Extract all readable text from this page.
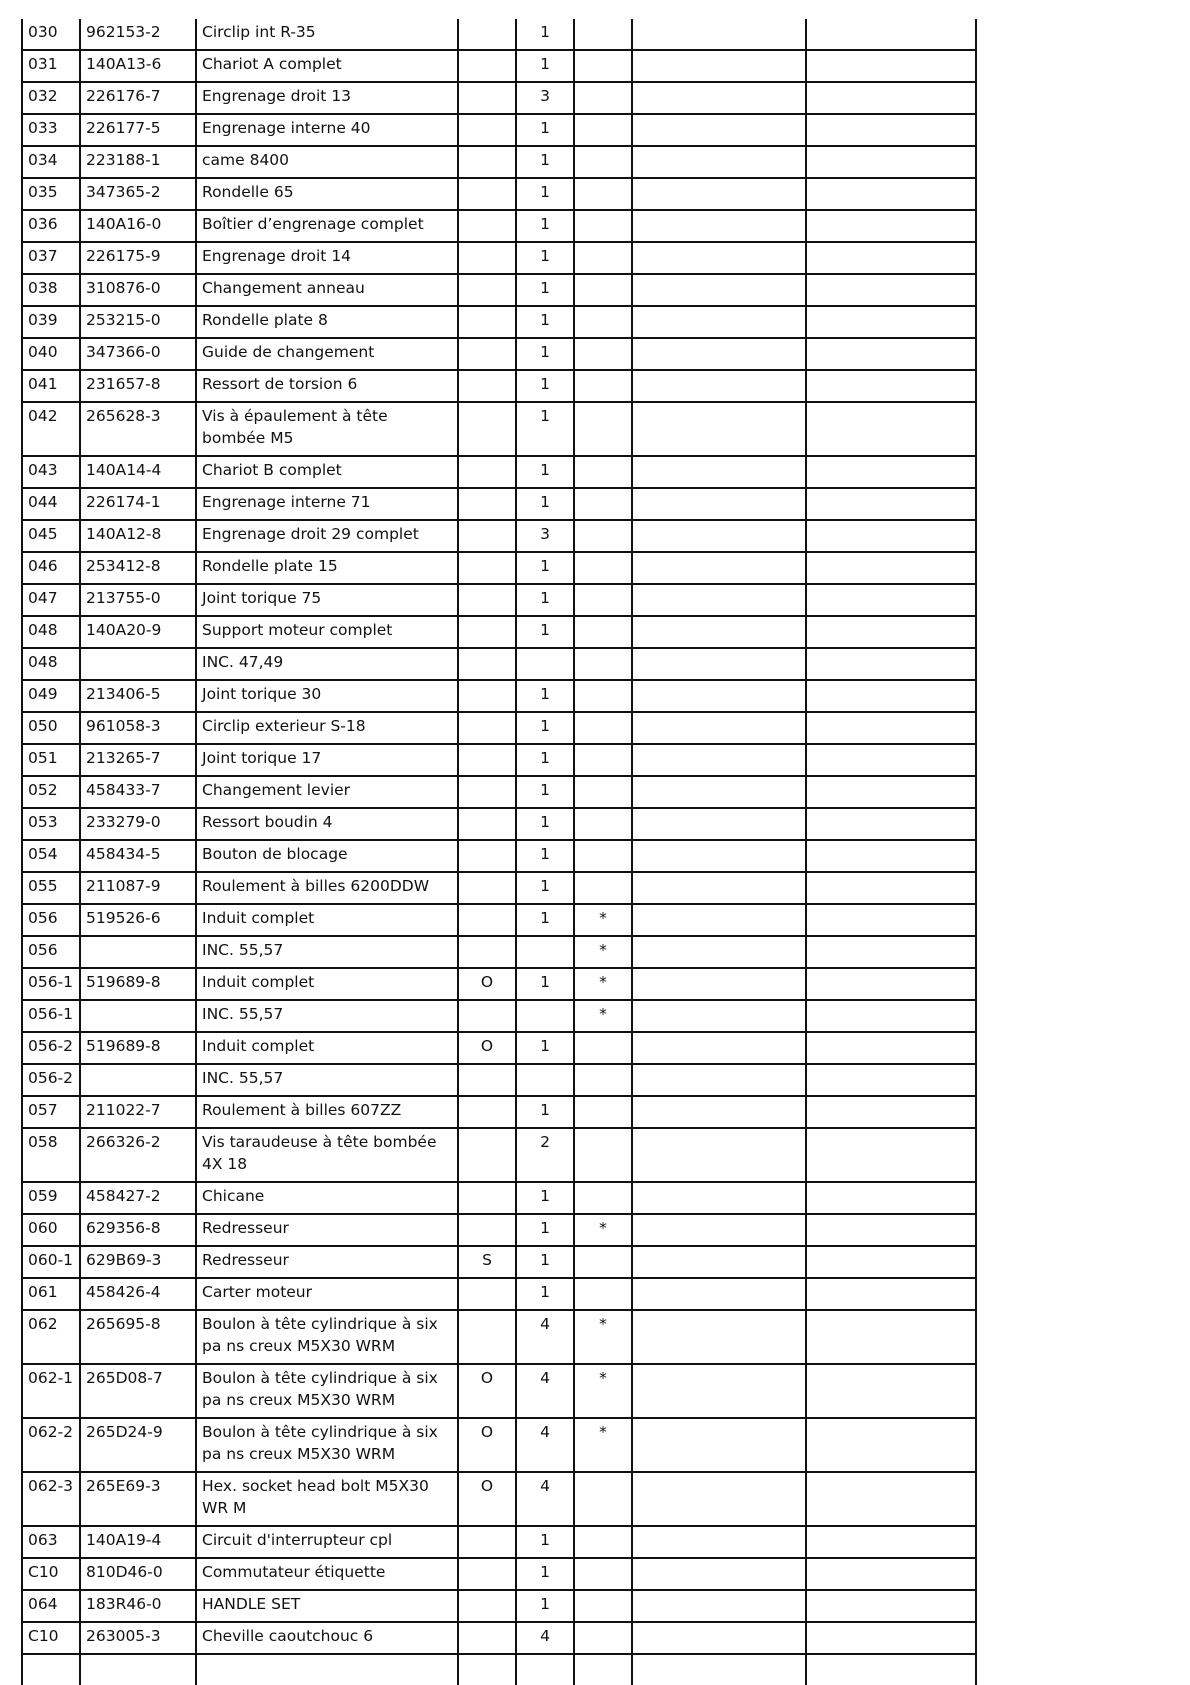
030	962153-2	Circlip int R-35		1			
031	140A13-6	Chariot A complet		1			
032	226176-7	Engrenage droit 13		3			
033	226177-5	Engrenage interne 40		1			
034	223188-1	came 8400		1			
035	347365-2	Rondelle 65		1			
036	140A16-0	Boîtier d’engrenage complet		1			
037	226175-9	Engrenage droit 14		1			
038	310876-0	Changement anneau		1			
039	253215-0	Rondelle plate 8		1			
040	347366-0	Guide de changement		1			
041	231657-8	Ressort de torsion 6		1			
042	265628-3	Vis à épaulement à tête bombée M5		1			
043	140A14-4	Chariot B complet		1			
044	226174-1	Engrenage interne 71		1			
045	140A12-8	Engrenage droit 29 complet		3			
046	253412-8	Rondelle plate 15		1			
047	213755-0	Joint torique 75		1			
048	140A20-9	Support moteur complet		1			
048		INC. 47,49					
049	213406-5	Joint torique 30		1			
050	961058-3	Circlip exterieur S-18		1			
051	213265-7	Joint torique 17		1			
052	458433-7	Changement levier		1			
053	233279-0	Ressort boudin 4		1			
054	458434-5	Bouton de blocage		1			
055	211087-9	Roulement à billes 6200DDW		1			
056	519526-6	Induit complet		1	*		
056		INC. 55,57			*		
056-1	519689-8	Induit complet	O	1	*		
056-1		INC. 55,57			*		
056-2	519689-8	Induit complet	O	1			
056-2		INC. 55,57					
057	211022-7	Roulement à billes 607ZZ		1			
058	266326-2	Vis taraudeuse à tête bombée 4X 18		2			
059	458427-2	Chicane		1			
060	629356-8	Redresseur		1	*		
060-1	629B69-3	Redresseur	S	1			
061	458426-4	Carter moteur		1			
062	265695-8	Boulon à tête cylindrique à six pa ns creux M5X30 WRM		4	*		
062-1	265D08-7	Boulon à tête cylindrique à six pa ns creux M5X30 WRM	O	4	*		
062-2	265D24-9	Boulon à tête cylindrique à six pa ns creux M5X30 WRM	O	4	*		
062-3	265E69-3	Hex. socket head bolt M5X30 WR M	O	4			
063	140A19-4	Circuit d'interrupteur cpl		1			
C10	810D46-0	Commutateur étiquette		1			
064	183R46-0	HANDLE SET		1			
C10	263005-3	Cheville caoutchouc 6		4			
